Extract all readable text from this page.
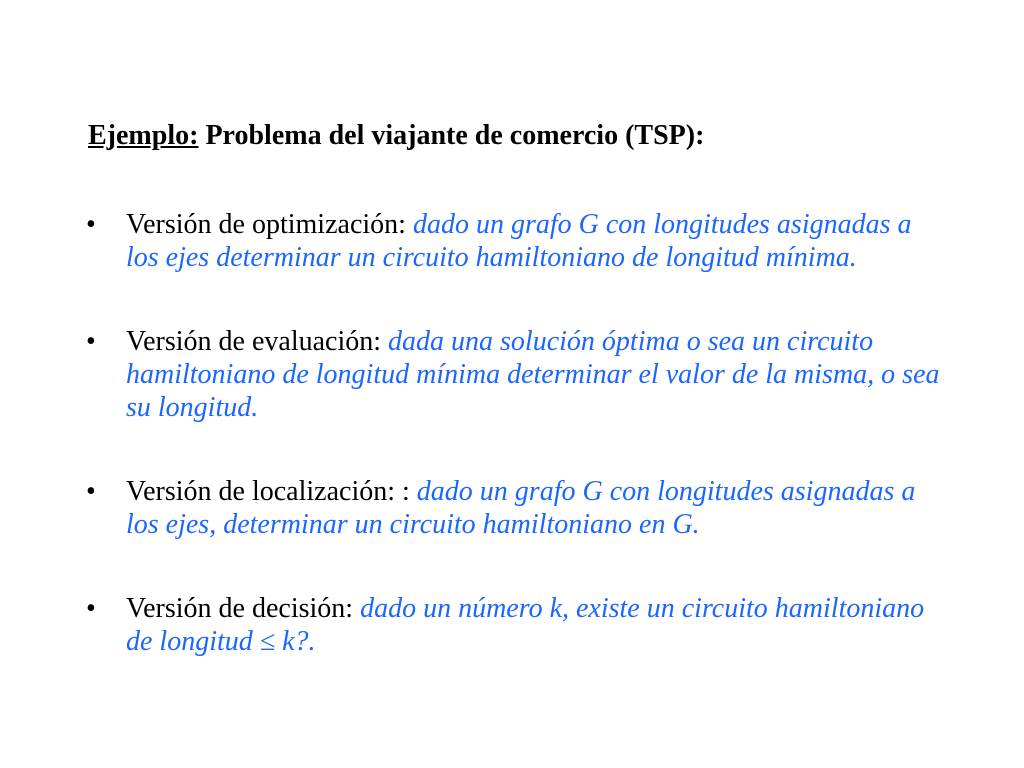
Ejemplo: Problema del viajante de comercio (TSP):
• Versión de optimización: dado un grafo G con longitudes asignadas a los ejes determinar un circuito hamiltoniano de longitud mínima.
• Versión de evaluación: dada una solución óptima o sea un circuito hamiltoniano de longitud mínima determinar el valor de la misma, o sea su longitud.
• Versión de localización: : dado un grafo G con longitudes asignadas a los ejes, determinar un circuito hamiltoniano en G.
• Versión de decisión: dado un número k, existe un circuito hamiltoniano de longitud ≤ k?.
